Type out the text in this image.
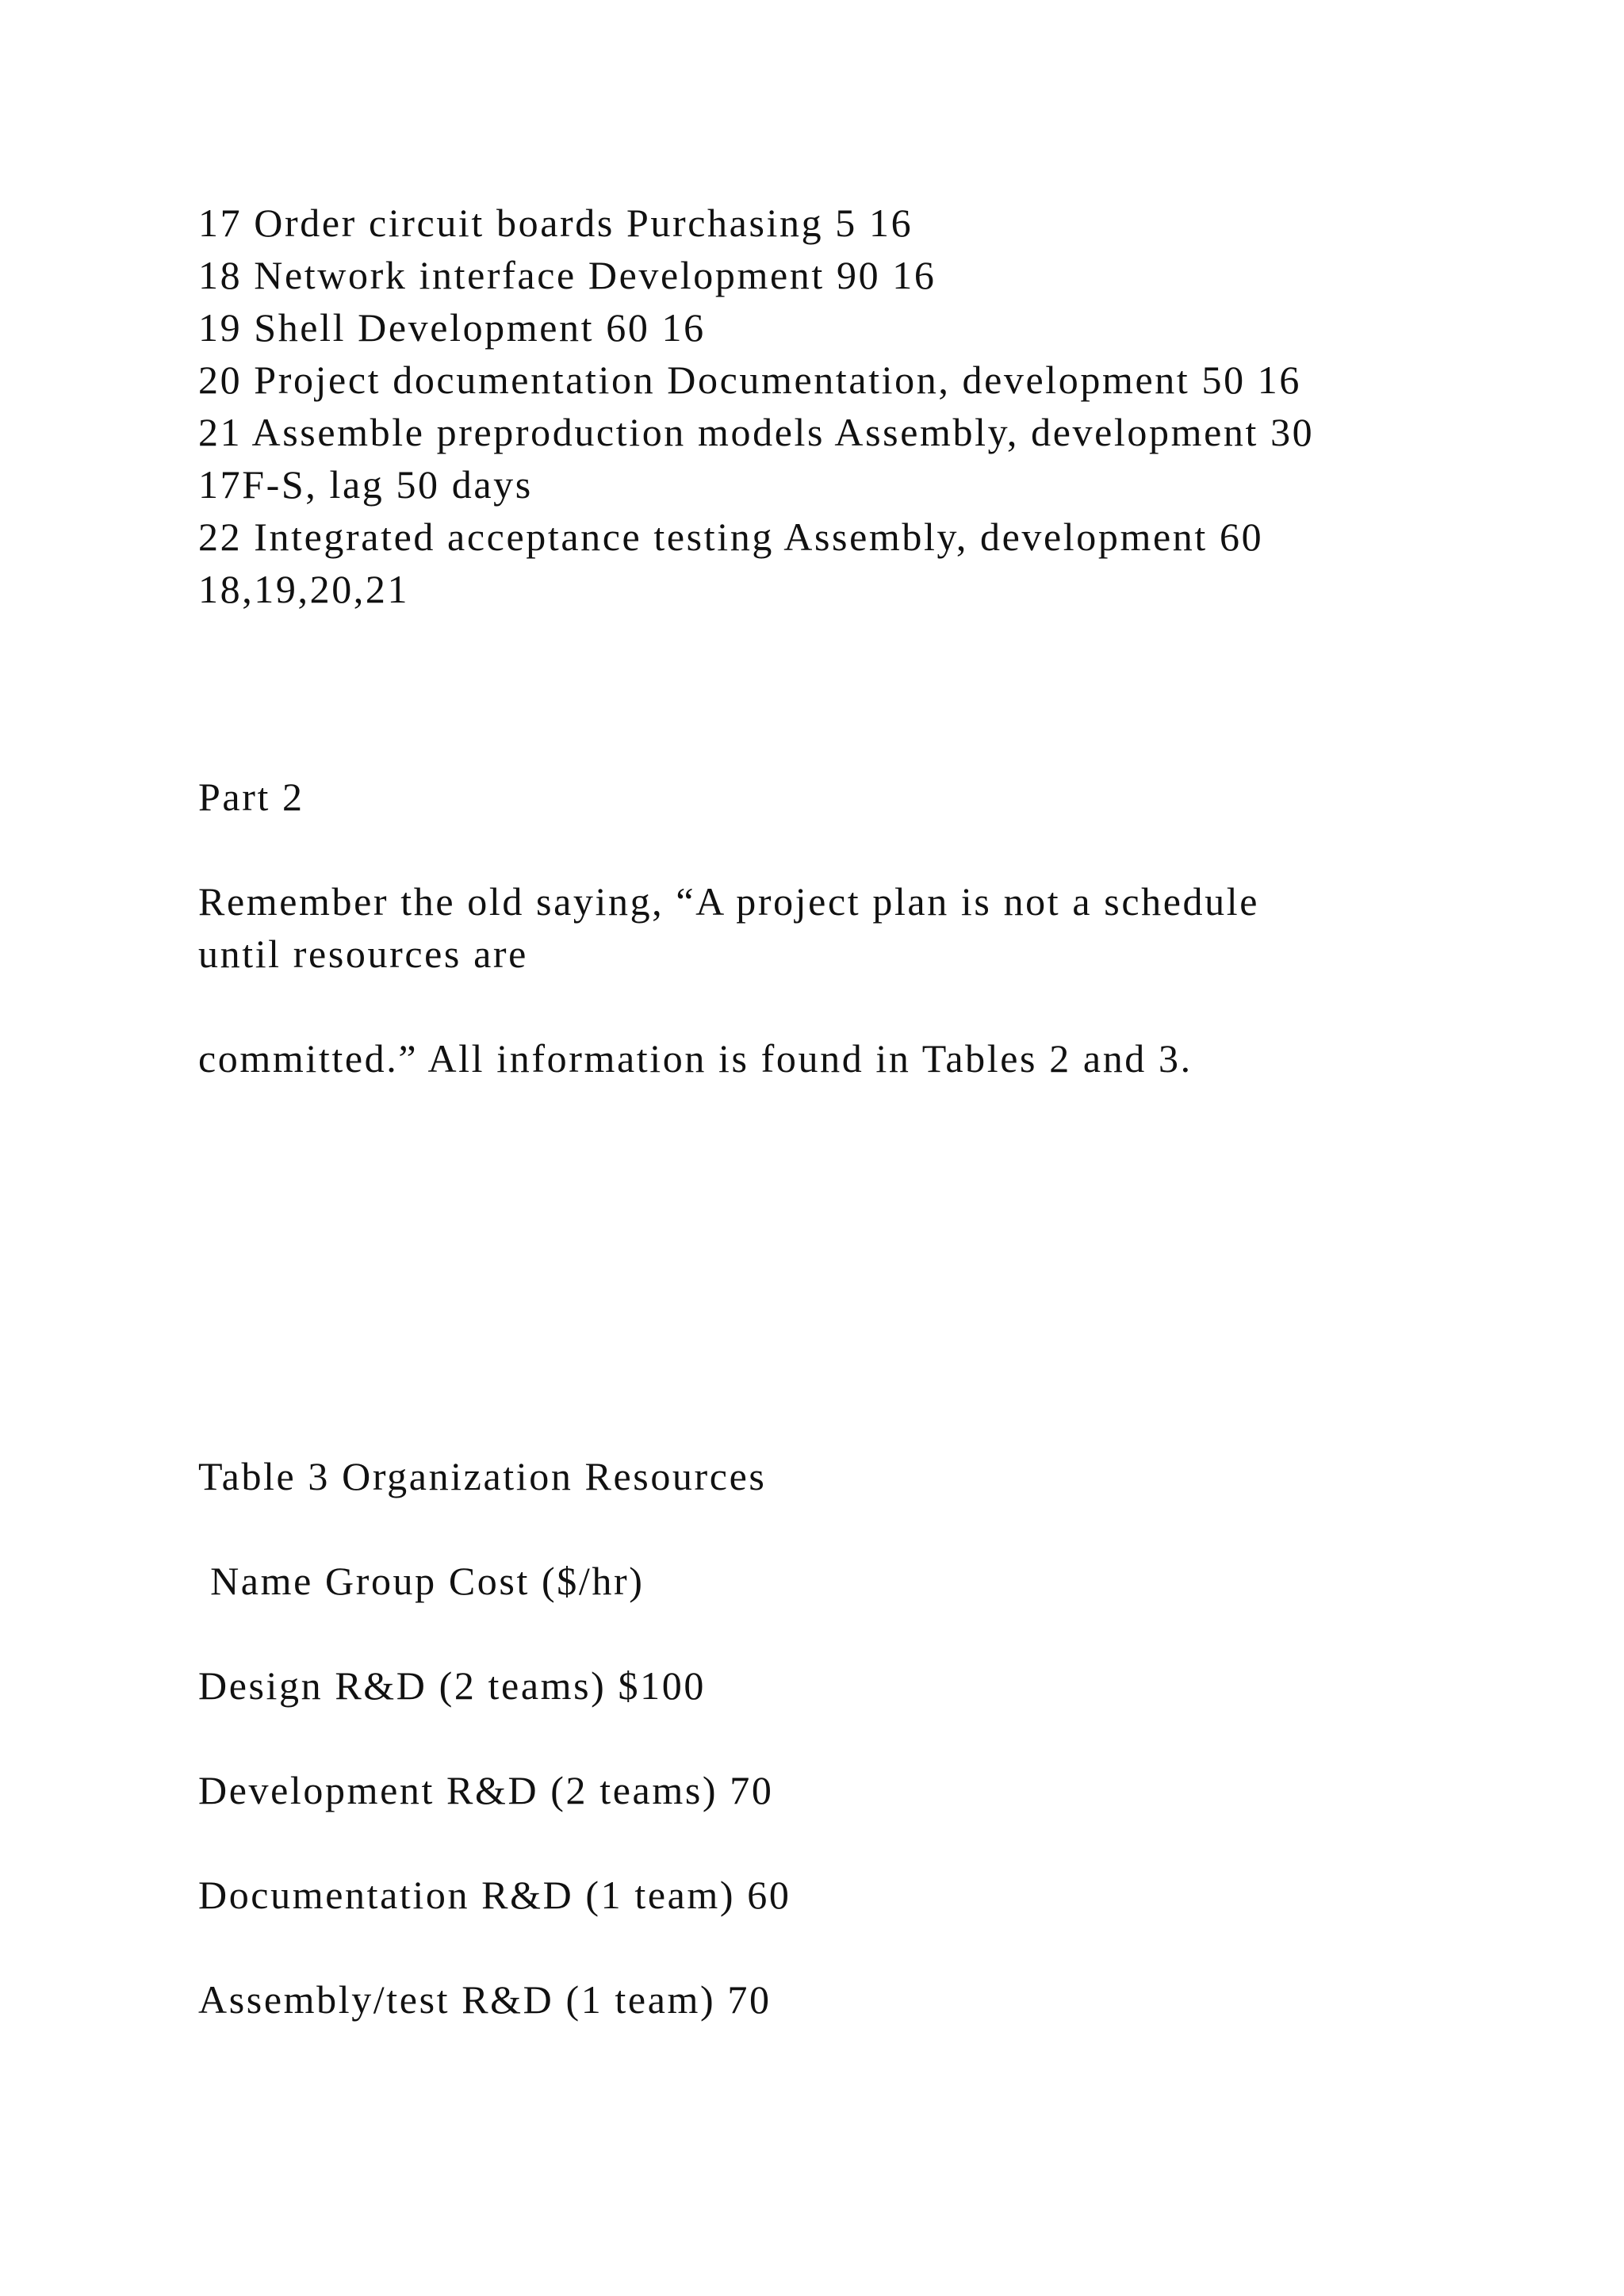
17 Order circuit boards Purchasing 5 16

18 Network interface Development 90 16

19 Shell Development 60 16

20 Project documentation Documentation, development 50 16

21 Assemble preproduction models Assembly, development 30

17F-S, lag 50 days

22 Integrated acceptance testing Assembly, development 60

18,19,20,21

Part 2

Remember the old saying, “A project plan is not a schedule

until resources are

committed.” All information is found in Tables 2 and 3.

Table 3 Organization Resources

Name Group Cost ($/hr)

Design R&D (2 teams) $100

Development R&D (2 teams) 70

Documentation R&D (1 team) 60

Assembly/test R&D (1 team) 70
